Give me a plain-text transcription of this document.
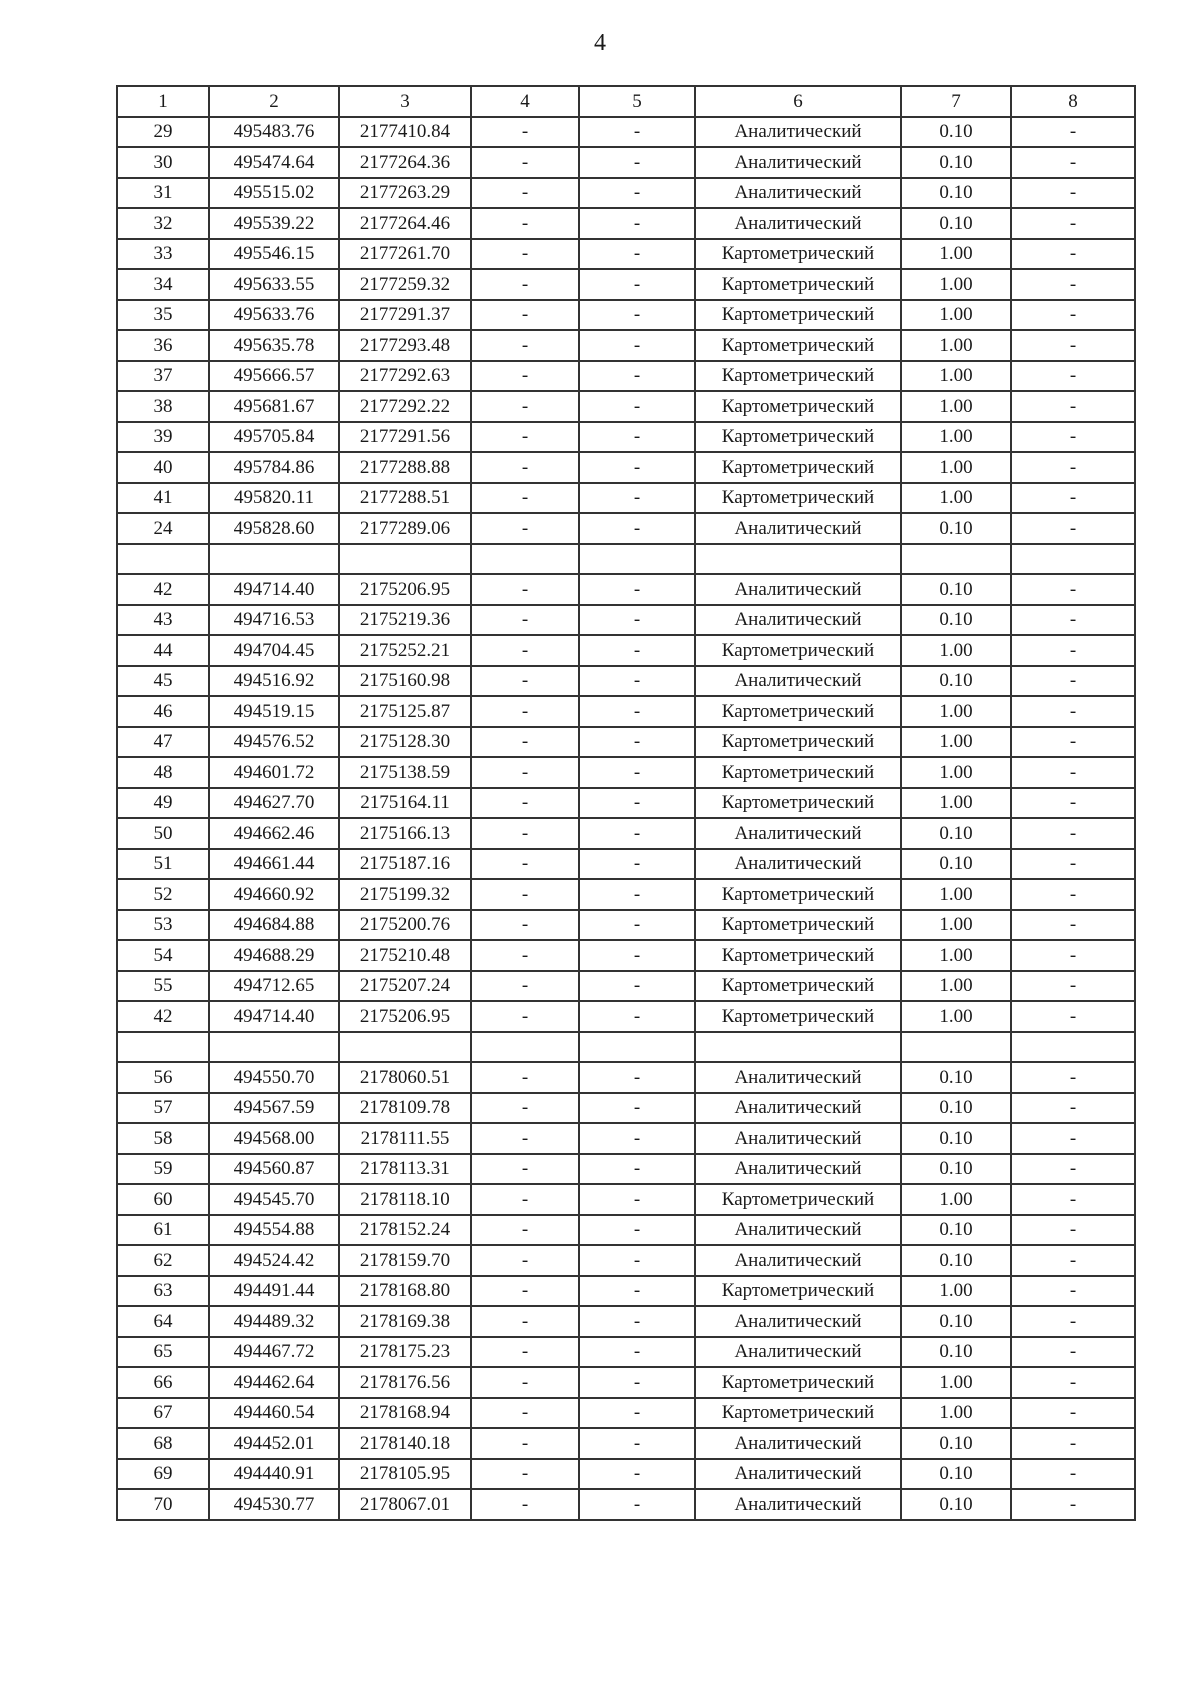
4
1	2	3	4	5	6	7	8
29	495483.76	2177410.84	-	-	Аналитический	0.10	-
30	495474.64	2177264.36	-	-	Аналитический	0.10	-
31	495515.02	2177263.29	-	-	Аналитический	0.10	-
32	495539.22	2177264.46	-	-	Аналитический	0.10	-
33	495546.15	2177261.70	-	-	Картометрический	1.00	-
34	495633.55	2177259.32	-	-	Картометрический	1.00	-
35	495633.76	2177291.37	-	-	Картометрический	1.00	-
36	495635.78	2177293.48	-	-	Картометрический	1.00	-
37	495666.57	2177292.63	-	-	Картометрический	1.00	-
38	495681.67	2177292.22	-	-	Картометрический	1.00	-
39	495705.84	2177291.56	-	-	Картометрический	1.00	-
40	495784.86	2177288.88	-	-	Картометрический	1.00	-
41	495820.11	2177288.51	-	-	Картометрический	1.00	-
24	495828.60	2177289.06	-	-	Аналитический	0.10	-

42	494714.40	2175206.95	-	-	Аналитический	0.10	-
43	494716.53	2175219.36	-	-	Аналитический	0.10	-
44	494704.45	2175252.21	-	-	Картометрический	1.00	-
45	494516.92	2175160.98	-	-	Аналитический	0.10	-
46	494519.15	2175125.87	-	-	Картометрический	1.00	-
47	494576.52	2175128.30	-	-	Картометрический	1.00	-
48	494601.72	2175138.59	-	-	Картометрический	1.00	-
49	494627.70	2175164.11	-	-	Картометрический	1.00	-
50	494662.46	2175166.13	-	-	Аналитический	0.10	-
51	494661.44	2175187.16	-	-	Аналитический	0.10	-
52	494660.92	2175199.32	-	-	Картометрический	1.00	-
53	494684.88	2175200.76	-	-	Картометрический	1.00	-
54	494688.29	2175210.48	-	-	Картометрический	1.00	-
55	494712.65	2175207.24	-	-	Картометрический	1.00	-
42	494714.40	2175206.95	-	-	Картометрический	1.00	-

56	494550.70	2178060.51	-	-	Аналитический	0.10	-
57	494567.59	2178109.78	-	-	Аналитический	0.10	-
58	494568.00	2178111.55	-	-	Аналитический	0.10	-
59	494560.87	2178113.31	-	-	Аналитический	0.10	-
60	494545.70	2178118.10	-	-	Картометрический	1.00	-
61	494554.88	2178152.24	-	-	Аналитический	0.10	-
62	494524.42	2178159.70	-	-	Аналитический	0.10	-
63	494491.44	2178168.80	-	-	Картометрический	1.00	-
64	494489.32	2178169.38	-	-	Аналитический	0.10	-
65	494467.72	2178175.23	-	-	Аналитический	0.10	-
66	494462.64	2178176.56	-	-	Картометрический	1.00	-
67	494460.54	2178168.94	-	-	Картометрический	1.00	-
68	494452.01	2178140.18	-	-	Аналитический	0.10	-
69	494440.91	2178105.95	-	-	Аналитический	0.10	-
70	494530.77	2178067.01	-	-	Аналитический	0.10	-
